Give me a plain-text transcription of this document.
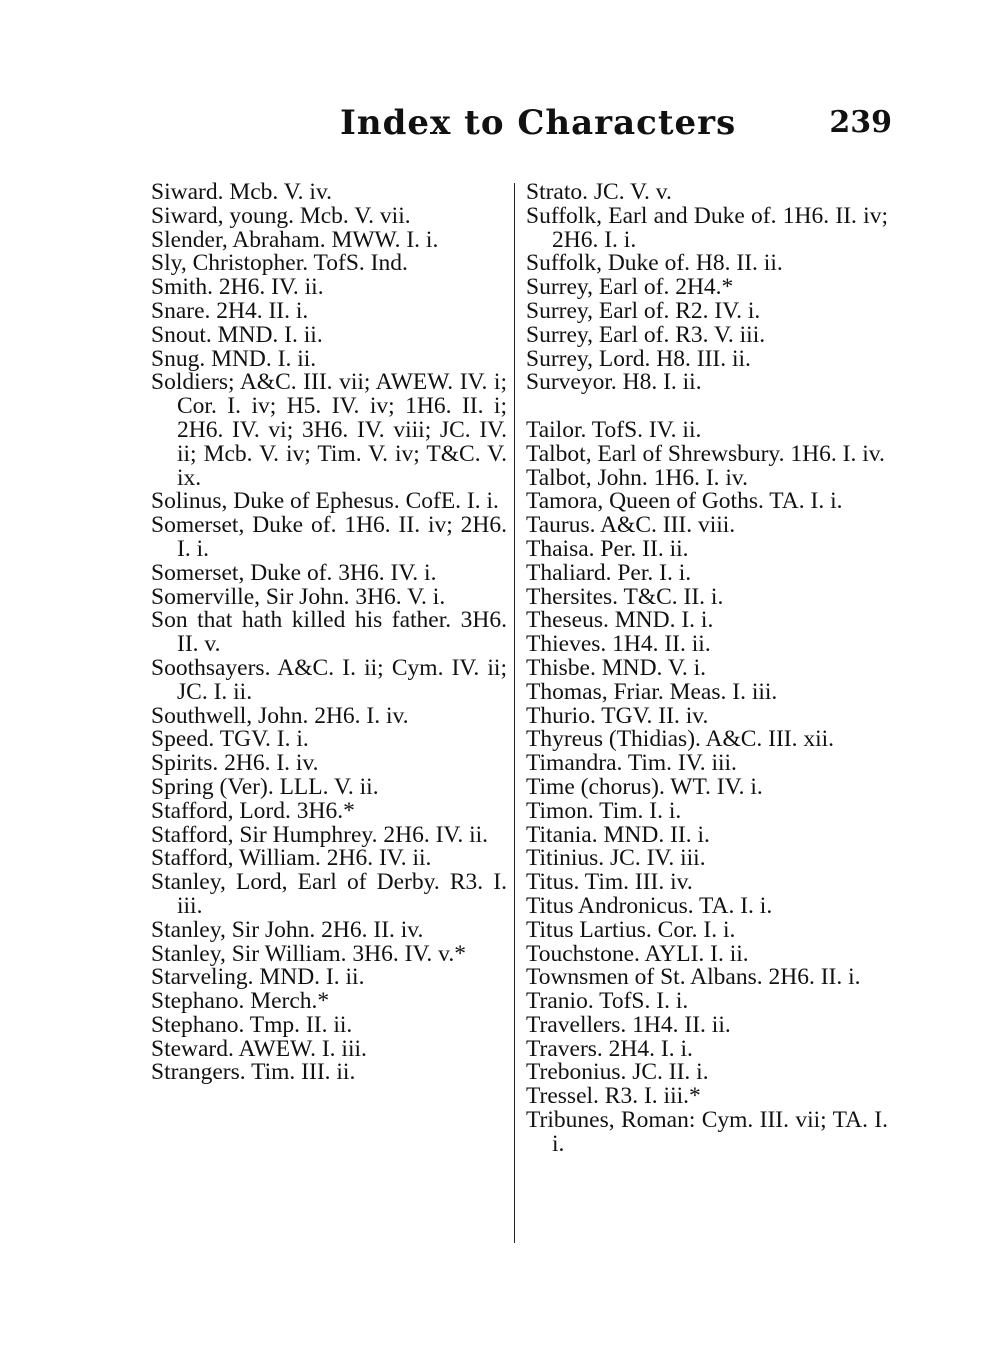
Index to Characters	239

Siward. Mcb. V. iv.

Siward, young. Mcb. V. vii.

Slender, Abraham. MWW. I. i.

Sly, Christopher. TofS. Ind.

Smith. 2H6. IV. ii.

Snare. 2H4. II. i.

Snout. MND. I. ii.

Snug. MND. I. ii.

Soldiers; A&C. III. vii; AWEW. IV. i; Cor. I. iv; H5. IV. iv; 1H6. II. i; 2H6. IV. vi; 3H6. IV. viii; JC. IV. ii; Mcb. V. iv; Tim. V. iv; T&C. V. ix.

Solinus, Duke of Ephesus. CofE. I. i.

Somerset, Duke of. 1H6. II. iv; 2H6. I. i.

Somerset, Duke of. 3H6. IV. i.

Somerville, Sir John. 3H6. V. i.

Son that hath killed his father. 3H6. II. v.

Soothsayers. A&C. I. ii; Cym. IV. ii; JC. I. ii.

Southwell, John. 2H6. I. iv.

Speed. TGV. I. i.

Spirits. 2H6. I. iv.

Spring (Ver). LLL. V. ii.

Stafford, Lord. 3H6.*

Stafford, Sir Humphrey. 2H6. IV. ii.

Stafford, William. 2H6. IV. ii.

Stanley, Lord, Earl of Derby. R3. I. iii.

Stanley, Sir John. 2H6. II. iv.

Stanley, Sir William. 3H6. IV. v.*

Starveling. MND. I. ii.

Stephano. Merch.*

Stephano. Tmp. II. ii.

Steward. AWEW. I. iii.

Strangers. Tim. III. ii.

Strato. JC. V. v.

Suffolk, Earl and Duke of. 1H6. II. iv; 2H6. I. i.

Suffolk, Duke of. H8. II. ii.

Surrey, Earl of. 2H4.*

Surrey, Earl of. R2. IV. i.

Surrey, Earl of. R3. V. iii.

Surrey, Lord. H8. III. ii.

Surveyor. H8. I. ii.

Tailor. TofS. IV. ii.

Talbot, Earl of Shrewsbury. 1H6. I. iv.

Talbot, John. 1H6. I. iv.

Tamora, Queen of Goths. TA. I. i.

Taurus. A&C. III. viii.

Thaisa. Per. II. ii.

Thaliard. Per. I. i.

Thersites. T&C. II. i.

Theseus. MND. I. i.

Thieves. 1H4. II. ii.

Thisbe. MND. V. i.

Thomas, Friar. Meas. I. iii.

Thurio. TGV. II. iv.

Thyreus (Thidias). A&C. III. xii.

Timandra. Tim. IV. iii.

Time (chorus). WT. IV. i.

Timon. Tim. I. i.

Titania. MND. II. i.

Titinius. JC. IV. iii.

Titus. Tim. III. iv.

Titus Andronicus. TA. I. i.

Titus Lartius. Cor. I. i.

Touchstone. AYLI. I. ii.

Townsmen of St. Albans. 2H6. II. i.

Tranio. TofS. I. i.

Travellers. 1H4. II. ii.

Travers. 2H4. I. i.

Trebonius. JC. II. i.

Tressel. R3. I. iii.*

Tribunes, Roman: Cym. III. vii; TA. I. i.
